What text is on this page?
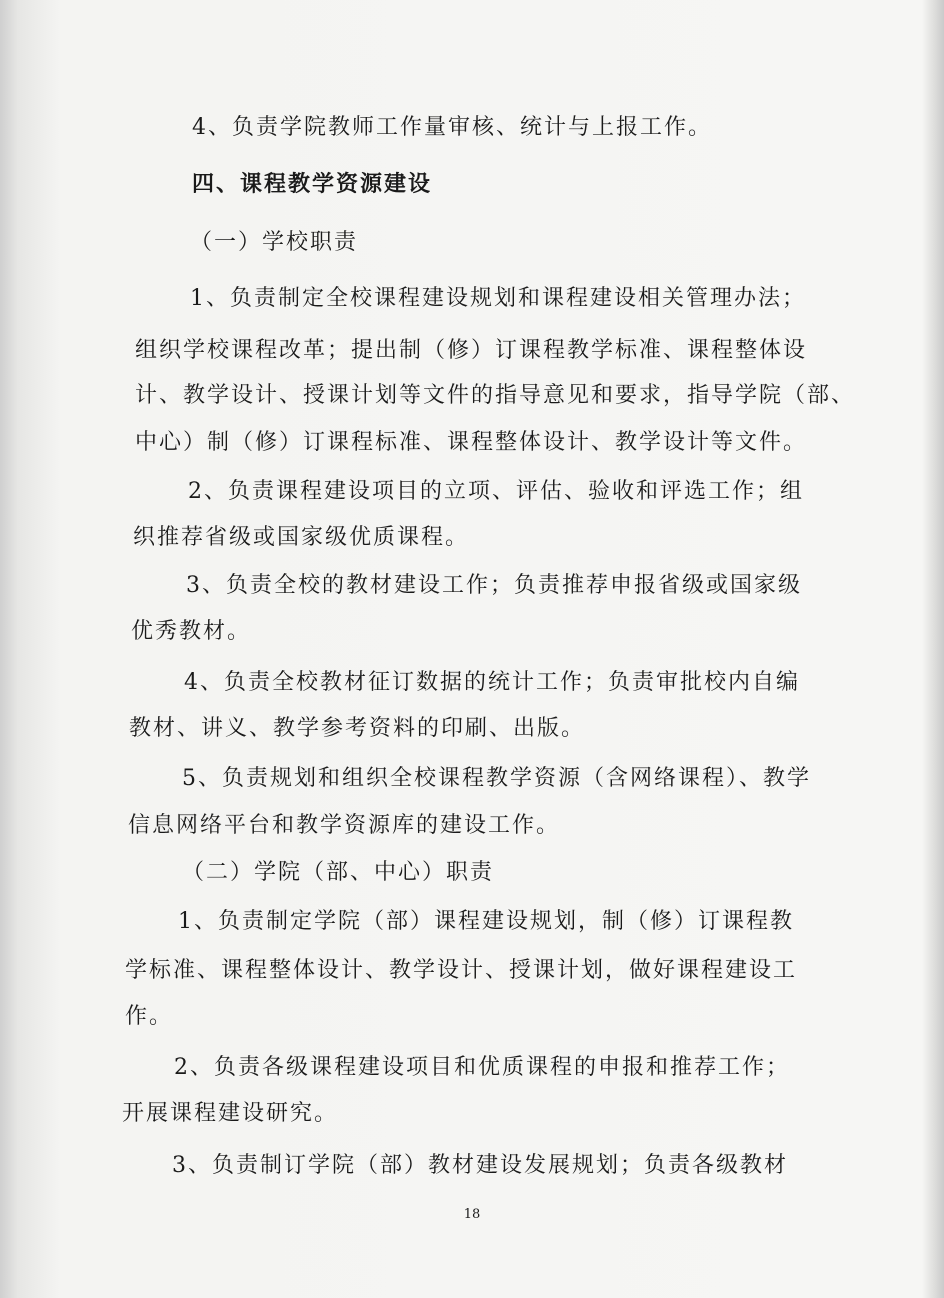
4、负责学院教师工作量审核、统计与上报工作。
四、课程教学资源建设
（一）学校职责
1、负责制定全校课程建设规划和课程建设相关管理办法；
组织学校课程改革；提出制（修）订课程教学标准、课程整体设
计、教学设计、授课计划等文件的指导意见和要求，指导学院（部、
中心）制（修）订课程标准、课程整体设计、教学设计等文件。
2、负责课程建设项目的立项、评估、验收和评选工作；组
织推荐省级或国家级优质课程。
3、负责全校的教材建设工作；负责推荐申报省级或国家级
优秀教材。
4、负责全校教材征订数据的统计工作；负责审批校内自编
教材、讲义、教学参考资料的印刷、出版。
5、负责规划和组织全校课程教学资源（含网络课程）、教学
信息网络平台和教学资源库的建设工作。
（二）学院（部、中心）职责
1、负责制定学院（部）课程建设规划，制（修）订课程教
学标准、课程整体设计、教学设计、授课计划，做好课程建设工
作。
2、负责各级课程建设项目和优质课程的申报和推荐工作；
开展课程建设研究。
3、负责制订学院（部）教材建设发展规划；负责各级教材
18
